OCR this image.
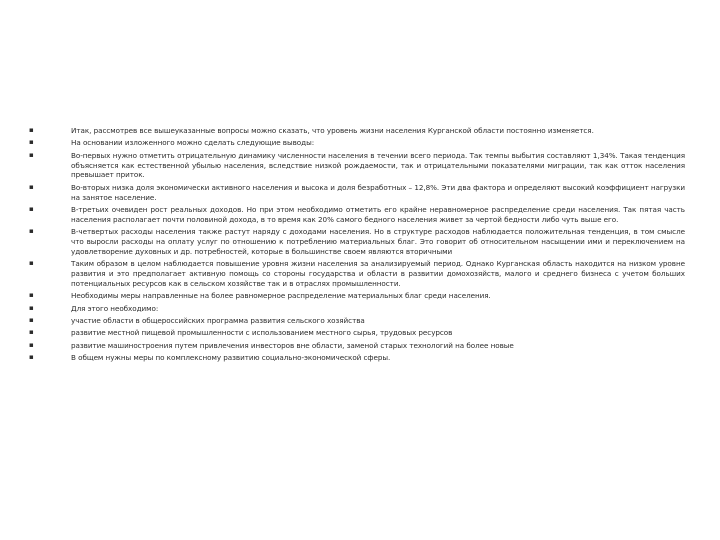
▪	Итак, рассмотрев все вышеуказанные вопросы можно сказать, что уровень жизни населения Курганской области постоянно изменяется.
▪	На основании изложенного можно сделать следующие выводы:
▪	Во-первых нужно отметить отрицательную динамику численности населения в течении всего периода. Так темпы выбытия составляют 1,34%. Такая тенденция объясняется как естественной убылью населения, вследствие низкой рождаемости, так и отрицательными показателями миграции, так как отток населения превышает приток.
▪	Во-вторых низка доля экономически активного населения и высока и доля безработных – 12,8%. Эти два фактора и определяют высокий коэффициент нагрузки на занятое население.
▪	В-третьих очевиден рост реальных доходов. Но при этом необходимо отметить его крайне неравномерное распределение среди населения. Так пятая часть населения располагает почти половиной дохода, в то время как 20% самого бедного населения живет за чертой бедности либо чуть выше его.
▪	В-четвертых расходы населения также растут наряду с доходами населения. Но в структуре расходов наблюдается положительная тенденция, в том смысле что выросли расходы на оплату услуг по отношению к потреблению материальных благ. Это говорит об относительном насыщении ими и переключением на удовлетворение духовных и др. потребностей, которые в большинстве своем являются вторичными
▪	Таким образом в целом наблюдается повышение уровня жизни населения за анализируемый период. Однако Курганская область находится на низком уровне развития и это предполагает активную помощь со стороны государства и области в развитии домохозяйств, малого и среднего бизнеса с учетом больших потенциальных ресурсов как в сельском хозяйстве так и в отраслях промышленности.
▪	Необходимы меры направленные на более равномерное распределение материальных благ среди населения.
▪	Для этого необходимо:
▪	участие области в общероссийских программа развития сельского хозяйства
▪	развитие местной пищевой промышленности с использованием местного сырья, трудовых ресурсов
▪	развитие машиностроения путем привлечения инвесторов вне области, заменой старых технологий на более новые
▪	В общем нужны меры по комплексному развитию социально-экономической сферы.
